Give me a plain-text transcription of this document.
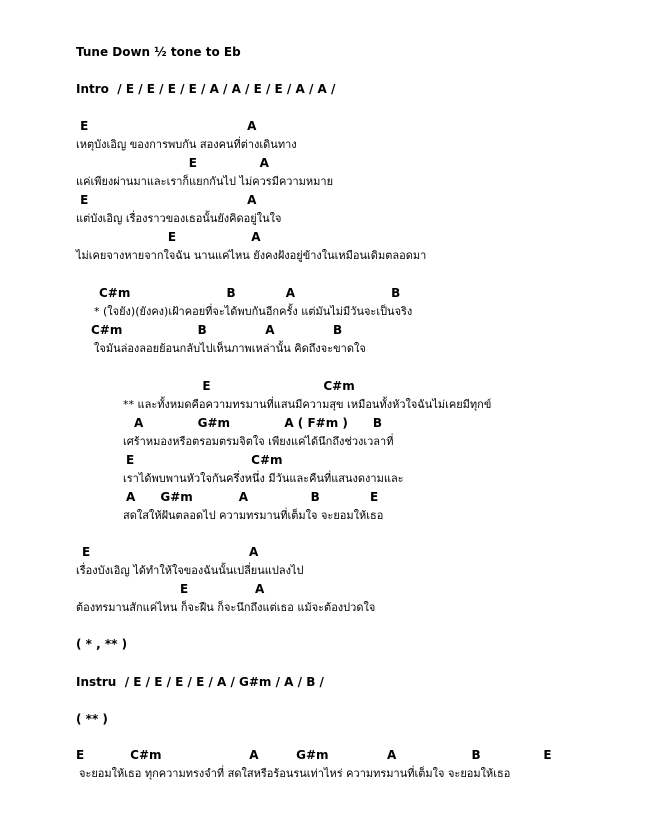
Tune Down ½ tone to Eb
Intro  / E / E / E / E / A / A / E / E / A / A /
E                                      A
เหตุบังเอิญ ของการพบกัน สองคนที่ต่างเดินทาง
E               A
แค่เพียงผ่านมาและเราก็แยกกันไป ไม่ควรมีความหมาย
E                                      A
แต่บังเอิญ เรื่องราวของเธอนั้นยังคิดอยู่ในใจ
E                  A
ไม่เคยจางหายจากใจฉัน นานแค่ไหน ยังคงฝังอยู่ข้างในเหมือนเดิมตลอดมา
C#m                       B            A                       B
* (ใจยัง)(ยังคง)เฝ้าคอยที่จะได้พบกันอีกครั้ง แต่มันไม่มีวันจะเป็นจริง
C#m                  B              A              B
ใจมันล่องลอยย้อนกลับไปเห็นภาพเหล่านั้น คิดถึงจะขาดใจ
E                           C#m
** และทั้งหมดคือความทรมานที่แสนมีความสุข เหมือนทั้งหัวใจฉันไม่เคยมีทุกข์
A             G#m             A ( F#m )      B
เศร้าหมองหรือตรอมตรมจิตใจ เพียงแค่ได้นึกถึงช่วงเวลาที่
E                            C#m
เราได้พบพานหัวใจกันครึ่งหนึ่ง มีวันและคืนที่แสนงดงามและ
A      G#m           A               B            E
สดใสให้ฝันตลอดไป ความทรมานที่เต็มใจ จะยอมให้เธอ
E                                      A
เรื่องบังเอิญ ได้ทำให้ใจของฉันนั้นเปลี่ยนแปลงไป
E                A
ต้องทรมานสักแค่ไหน ก็จะฝืน ก็จะนึกถึงแต่เธอ แม้จะต้องปวดใจ
( * , ** )
Instru  / E / E / E / E / A / G#m / A / B /
( ** )
E           C#m                     A         G#m              A                  B               E
จะยอมให้เธอ ทุกความทรงจำที่ สดใสหรือร้อนรนเท่าไหร่ ความทรมานที่เต็มใจ จะยอมให้เธอ
